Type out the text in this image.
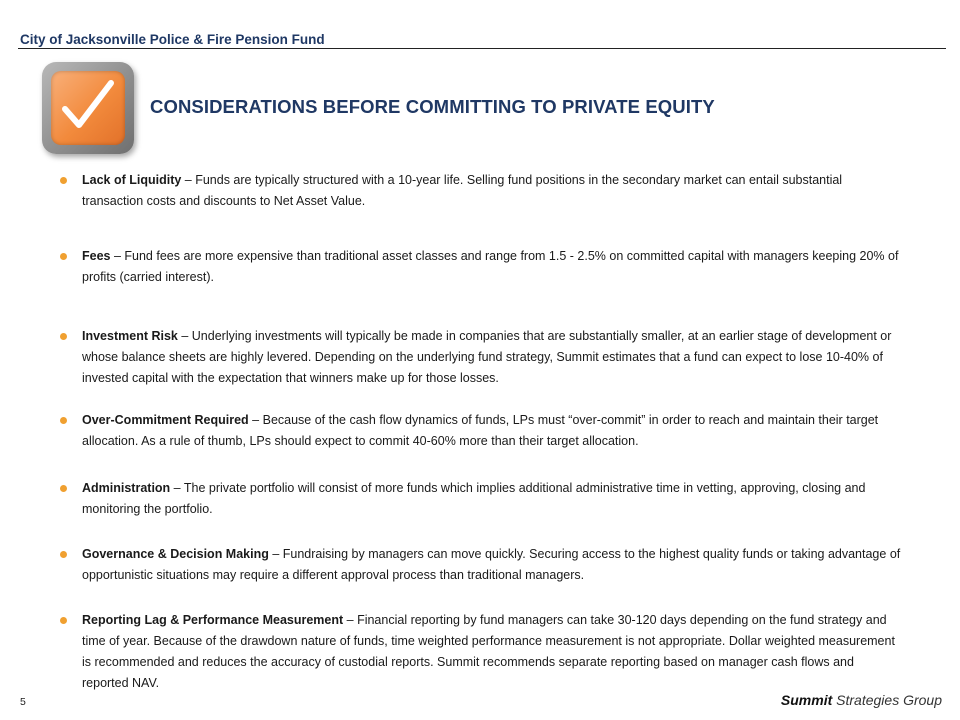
City of Jacksonville Police & Fire Pension Fund
CONSIDERATIONS BEFORE COMMITTING TO PRIVATE EQUITY
Lack of Liquidity – Funds are typically structured with a 10-year life. Selling fund positions in the secondary market can entail substantial transaction costs and discounts to Net Asset Value.
Fees – Fund fees are more expensive than traditional asset classes and range from 1.5 - 2.5% on committed capital with managers keeping 20% of profits (carried interest).
Investment Risk – Underlying investments will typically be made in companies that are substantially smaller, at an earlier stage of development or whose balance sheets are highly levered. Depending on the underlying fund strategy, Summit estimates that a fund can expect to lose 10-40% of invested capital with the expectation that winners make up for those losses.
Over-Commitment Required – Because of the cash flow dynamics of funds, LPs must “over-commit” in order to reach and maintain their target allocation. As a rule of thumb, LPs should expect to commit 40-60% more than their target allocation.
Administration – The private portfolio will consist of more funds which implies additional administrative time in vetting, approving, closing and monitoring the portfolio.
Governance & Decision Making – Fundraising by managers can move quickly. Securing access to the highest quality funds or taking advantage of opportunistic situations may require a different approval process than traditional managers.
Reporting Lag & Performance Measurement – Financial reporting by fund managers can take 30-120 days depending on the fund strategy and time of year. Because of the drawdown nature of funds, time weighted performance measurement is not appropriate. Dollar weighted measurement is recommended and reduces the accuracy of custodial reports. Summit recommends separate reporting based on manager cash flows and reported NAV.
5	Summit Strategies Group
